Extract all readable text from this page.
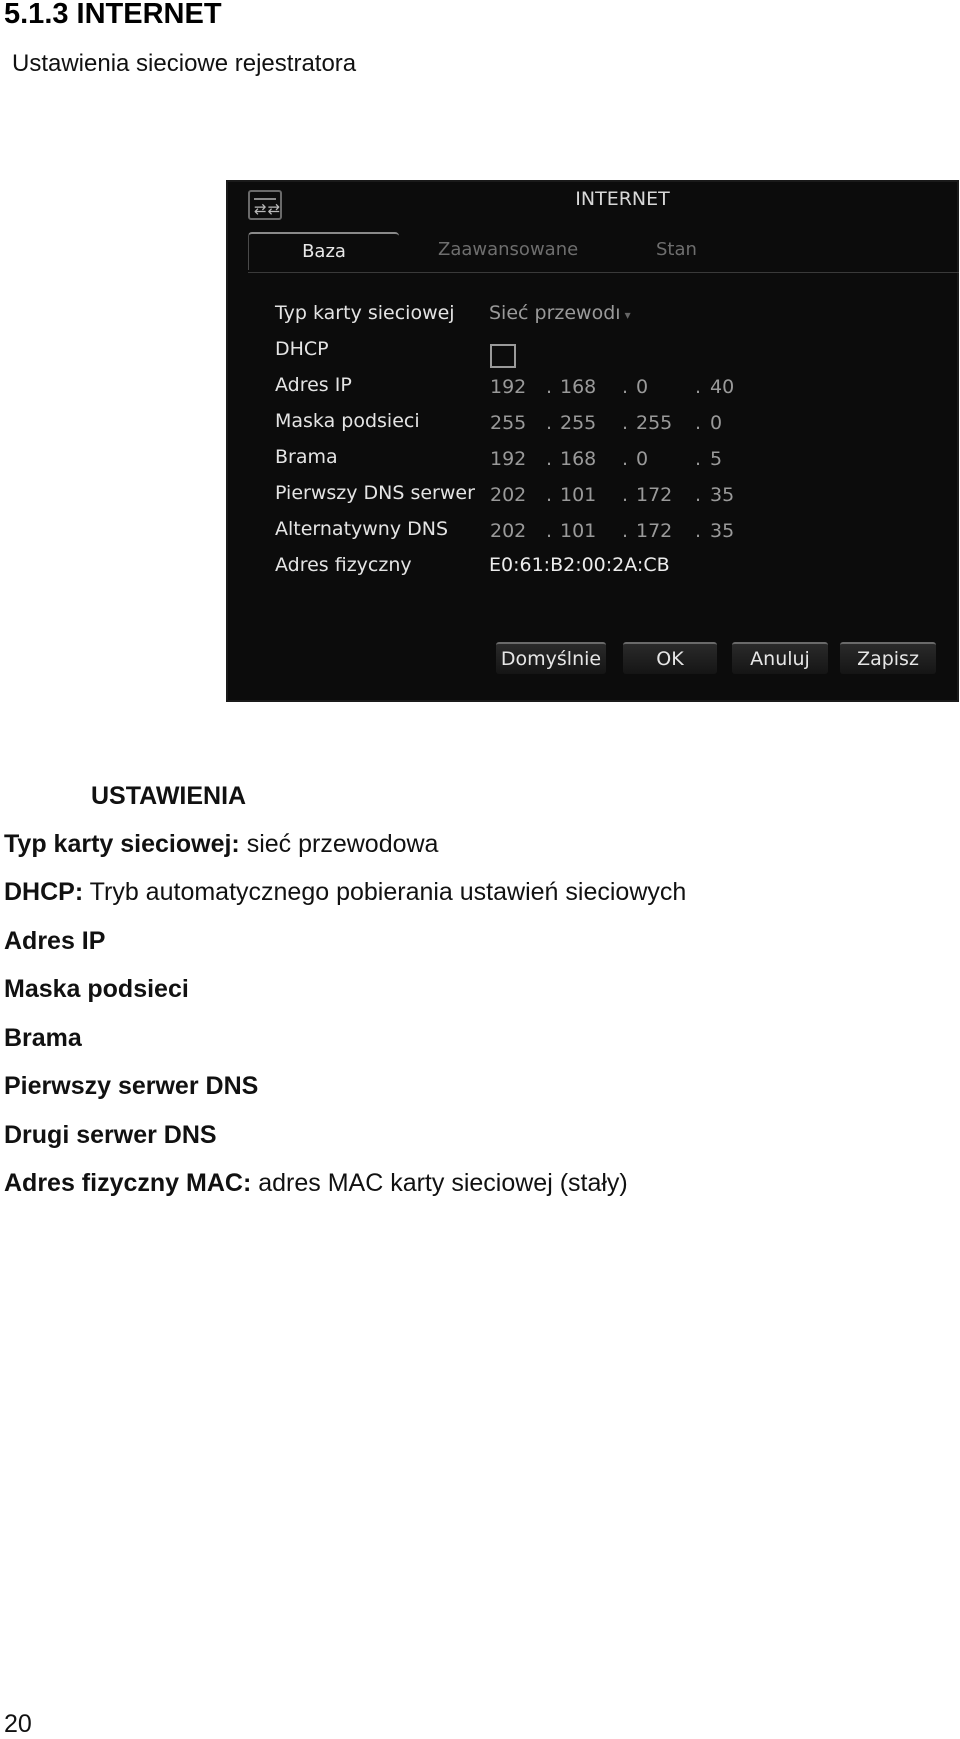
5.1.3 INTERNET

Ustawienia sieciowe rejestratora

⇄⇄	INTERNET
Baza	Zaawansowane	Stan
Typ karty sieciowej Sieć przewodı ▾
DHCP
Adres IP	192 . 168 . 0 . 40
Maska podsieci	255 . 255 . 255 . 0
Brama	192 . 168 . 0 . 5
Pierwszy DNS serwer 202 . 101 . 172 . 35
Alternatywny DNS 202 . 101 . 172 . 35
Adres fizyczny	E0:61:B2:00:2A:CB
Domyślnie	OK	Anuluj	Zapisz
USTAWIENIA
Typ karty sieciowej: sieć przewodowa
DHCP: Tryb automatycznego pobierania ustawień sieciowych
Adres IP
Maska podsieci
Brama
Pierwszy serwer DNS
Drugi serwer DNS
Adres fizyczny MAC: adres MAC karty sieciowej (stały)
20
